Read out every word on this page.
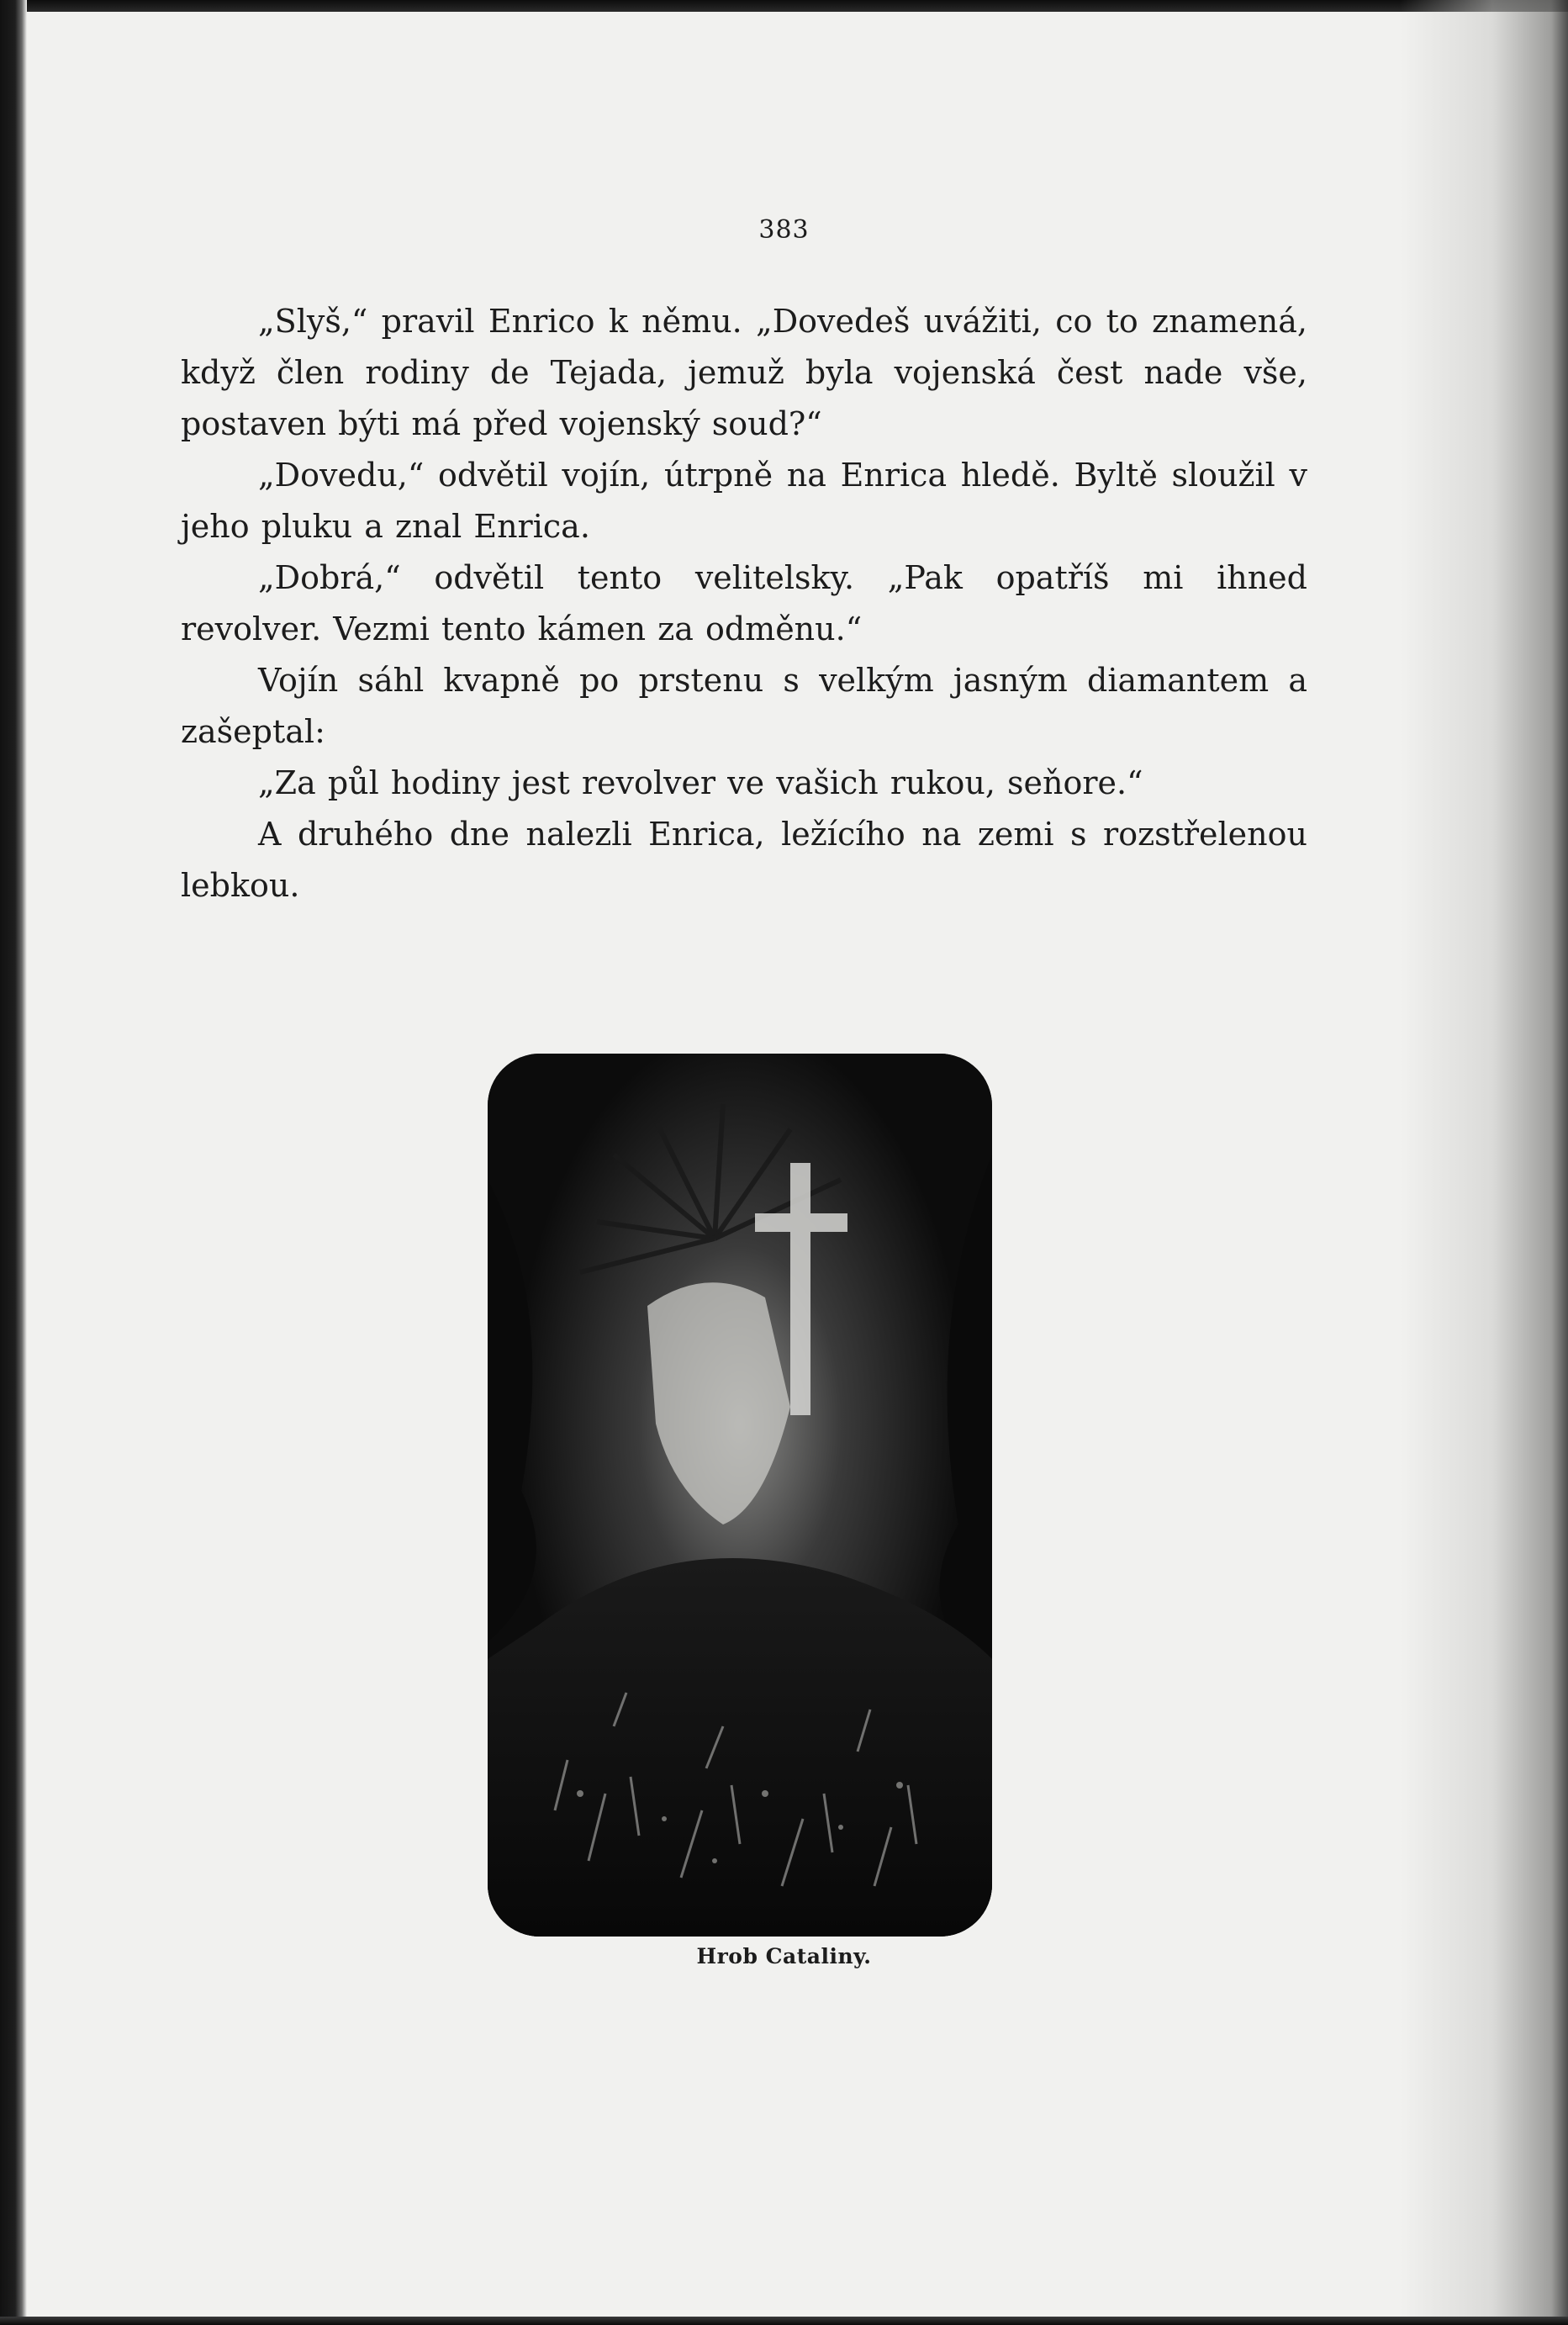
383

„Slyš,“ pravil Enrico k němu. „Dovedeš uvážiti, co to znamená, když člen rodiny de Tejada, jemuž byla vojenská čest nade vše, postaven býti má před vojenský soud?“

„Dovedu,“ odvětil vojín, útrpně na Enrica hledě. Byltě sloužil v jeho pluku a znal Enrica.

„Dobrá,“ odvětil tento velitelsky. „Pak opatříš mi ihned revolver. Vezmi tento kámen za odměnu.“

Vojín sáhl kvapně po prstenu s velkým jasným diamantem a zašeptal:

„Za půl hodiny jest revolver ve vašich rukou, seňore.“

A druhého dne nalezli Enrica, ležícího na zemi s rozstřelenou lebkou.

Hrob Cataliny.
